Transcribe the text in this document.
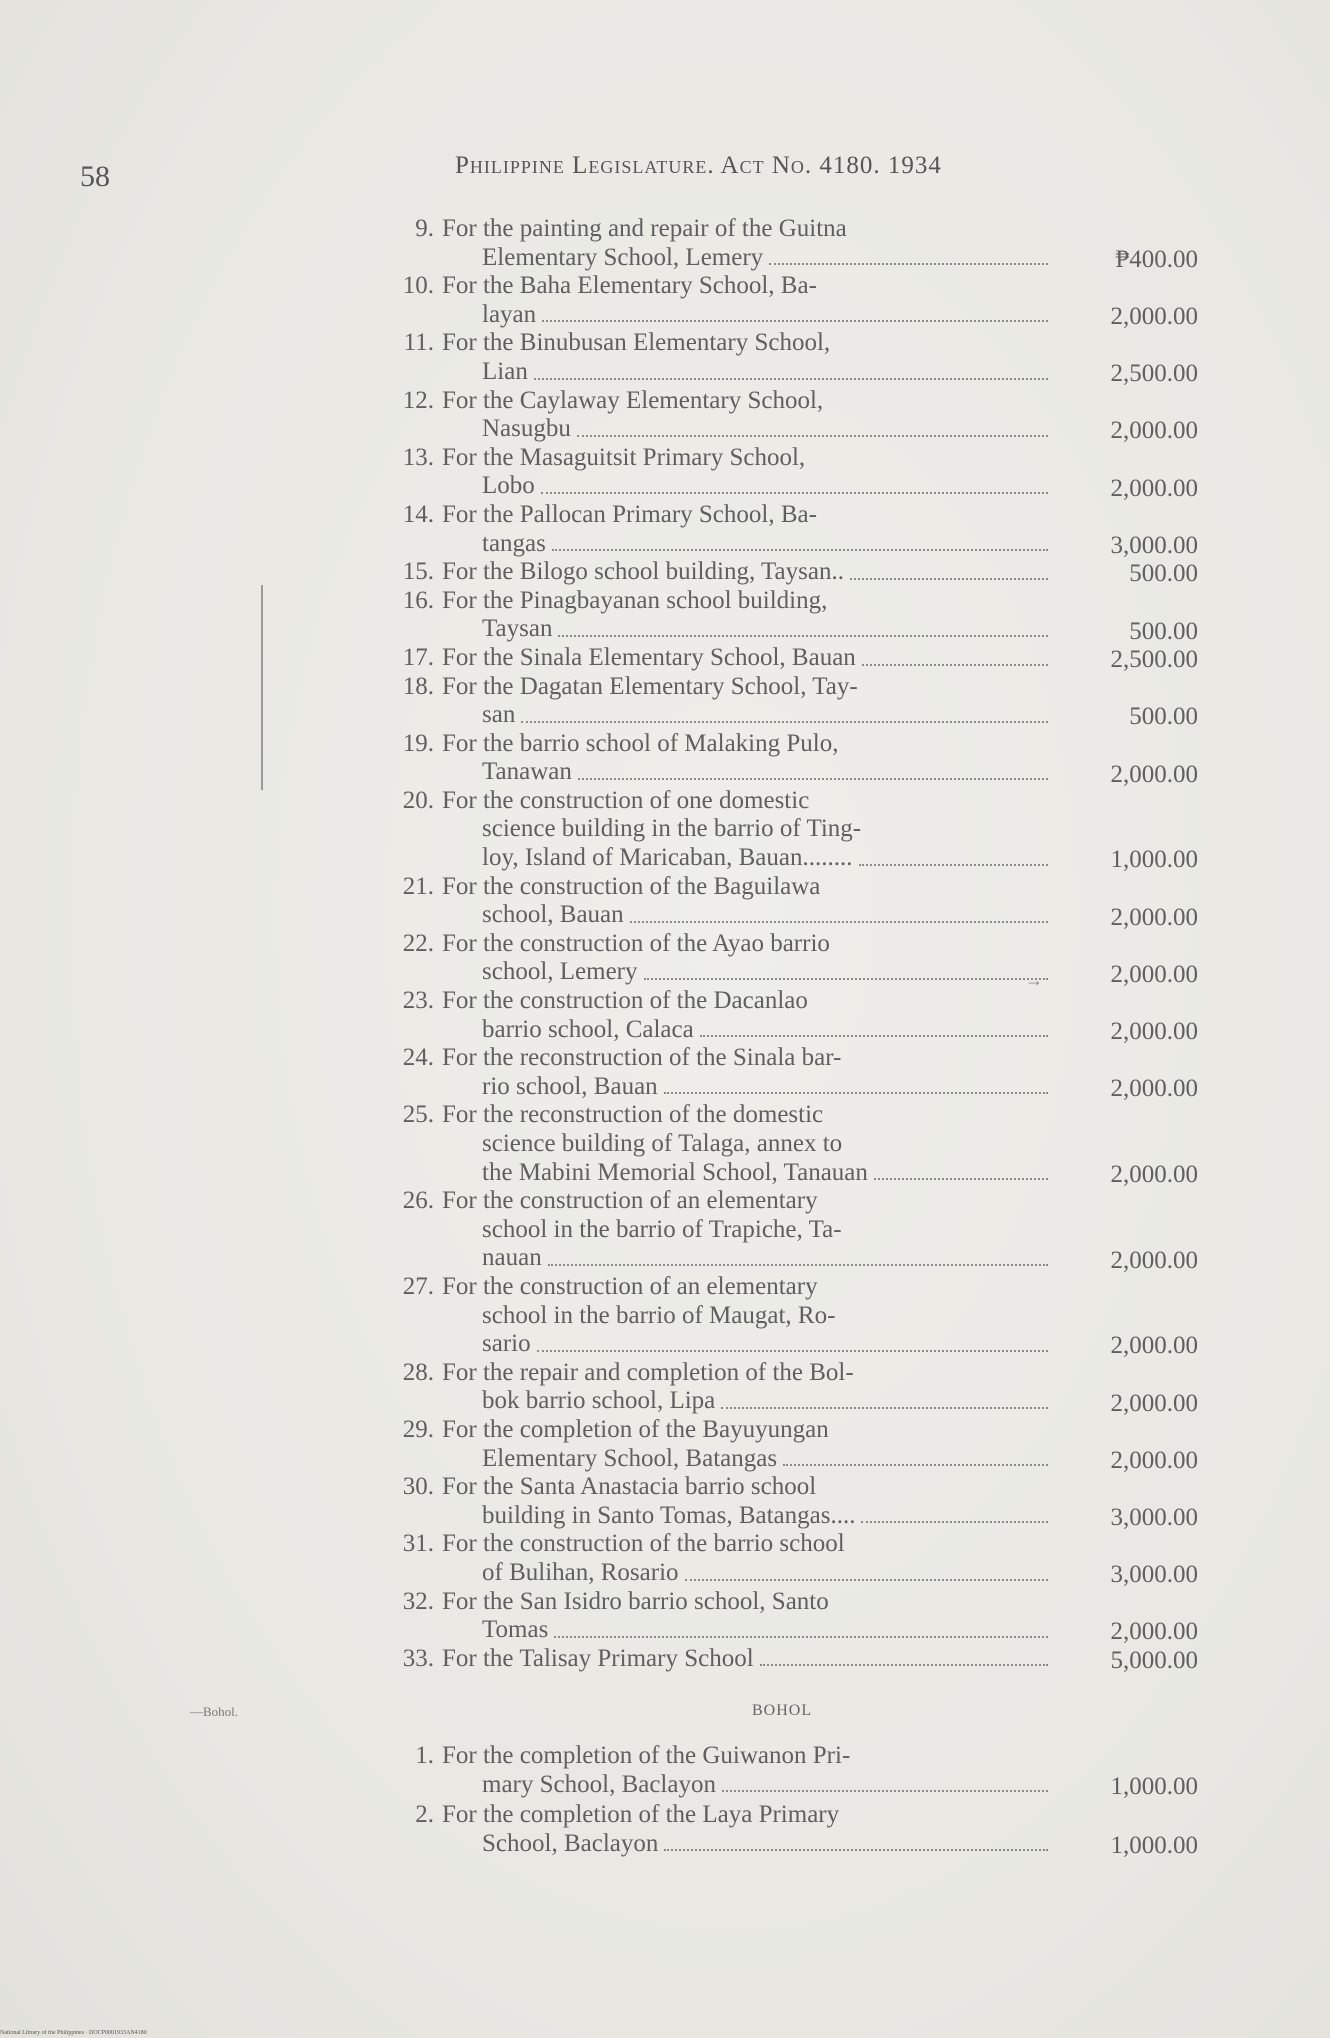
58	Philippine Legislature. Act No. 4180. 1934
→
9. For the painting and repair of the Guitna
Elementary School, Lemery	₱400.00
10. For the Baha Elementary School, Ba-
layan	2,000.00
11. For the Binubusan Elementary School,
Lian	2,500.00
12. For the Caylaway Elementary School,
Nasugbu	2,000.00
13. For the Masaguitsit Primary School,
Lobo	2,000.00
14. For the Pallocan Primary School, Ba-
tangas	3,000.00
15. For the Bilogo school building, Taysan..	500.00
16. For the Pinagbayanan school building,
Taysan	500.00
17. For the Sinala Elementary School, Bauan	2,500.00
18. For the Dagatan Elementary School, Tay-
san	500.00
19. For the barrio school of Malaking Pulo,
Tanawan	2,000.00
20. For the construction of one domestic
science building in the barrio of Ting-
loy, Island of Maricaban, Bauan........	1,000.00
21. For the construction of the Baguilawa
school, Bauan	2,000.00
22. For the construction of the Ayao barrio
school, Lemery	2,000.00
23. For the construction of the Dacanlao
barrio school, Calaca	2,000.00
24. For the reconstruction of the Sinala bar-
rio school, Bauan	2,000.00
25. For the reconstruction of the domestic
science building of Talaga, annex to
the Mabini Memorial School, Tanauan	2,000.00
26. For the construction of an elementary
school in the barrio of Trapiche, Ta-
nauan	2,000.00
27. For the construction of an elementary
school in the barrio of Maugat, Ro-
sario	2,000.00
28. For the repair and completion of the Bol-
bok barrio school, Lipa	2,000.00
29. For the completion of the Bayuyungan
Elementary School, Batangas	2,000.00
30. For the Santa Anastacia barrio school
building in Santo Tomas, Batangas....	3,000.00
31. For the construction of the barrio school
of Bulihan, Rosario	3,000.00
32. For the San Isidro barrio school, Santo
Tomas	2,000.00
33. For the Talisay Primary School	5,000.00
—Bohol.	BOHOL
1. For the completion of the Guiwanon Pri-
mary School, Baclayon	1,000.00
2. For the completion of the Laya Primary
School, Baclayon	1,000.00
National Library of the Philippines · DOCP0001933AN4180
